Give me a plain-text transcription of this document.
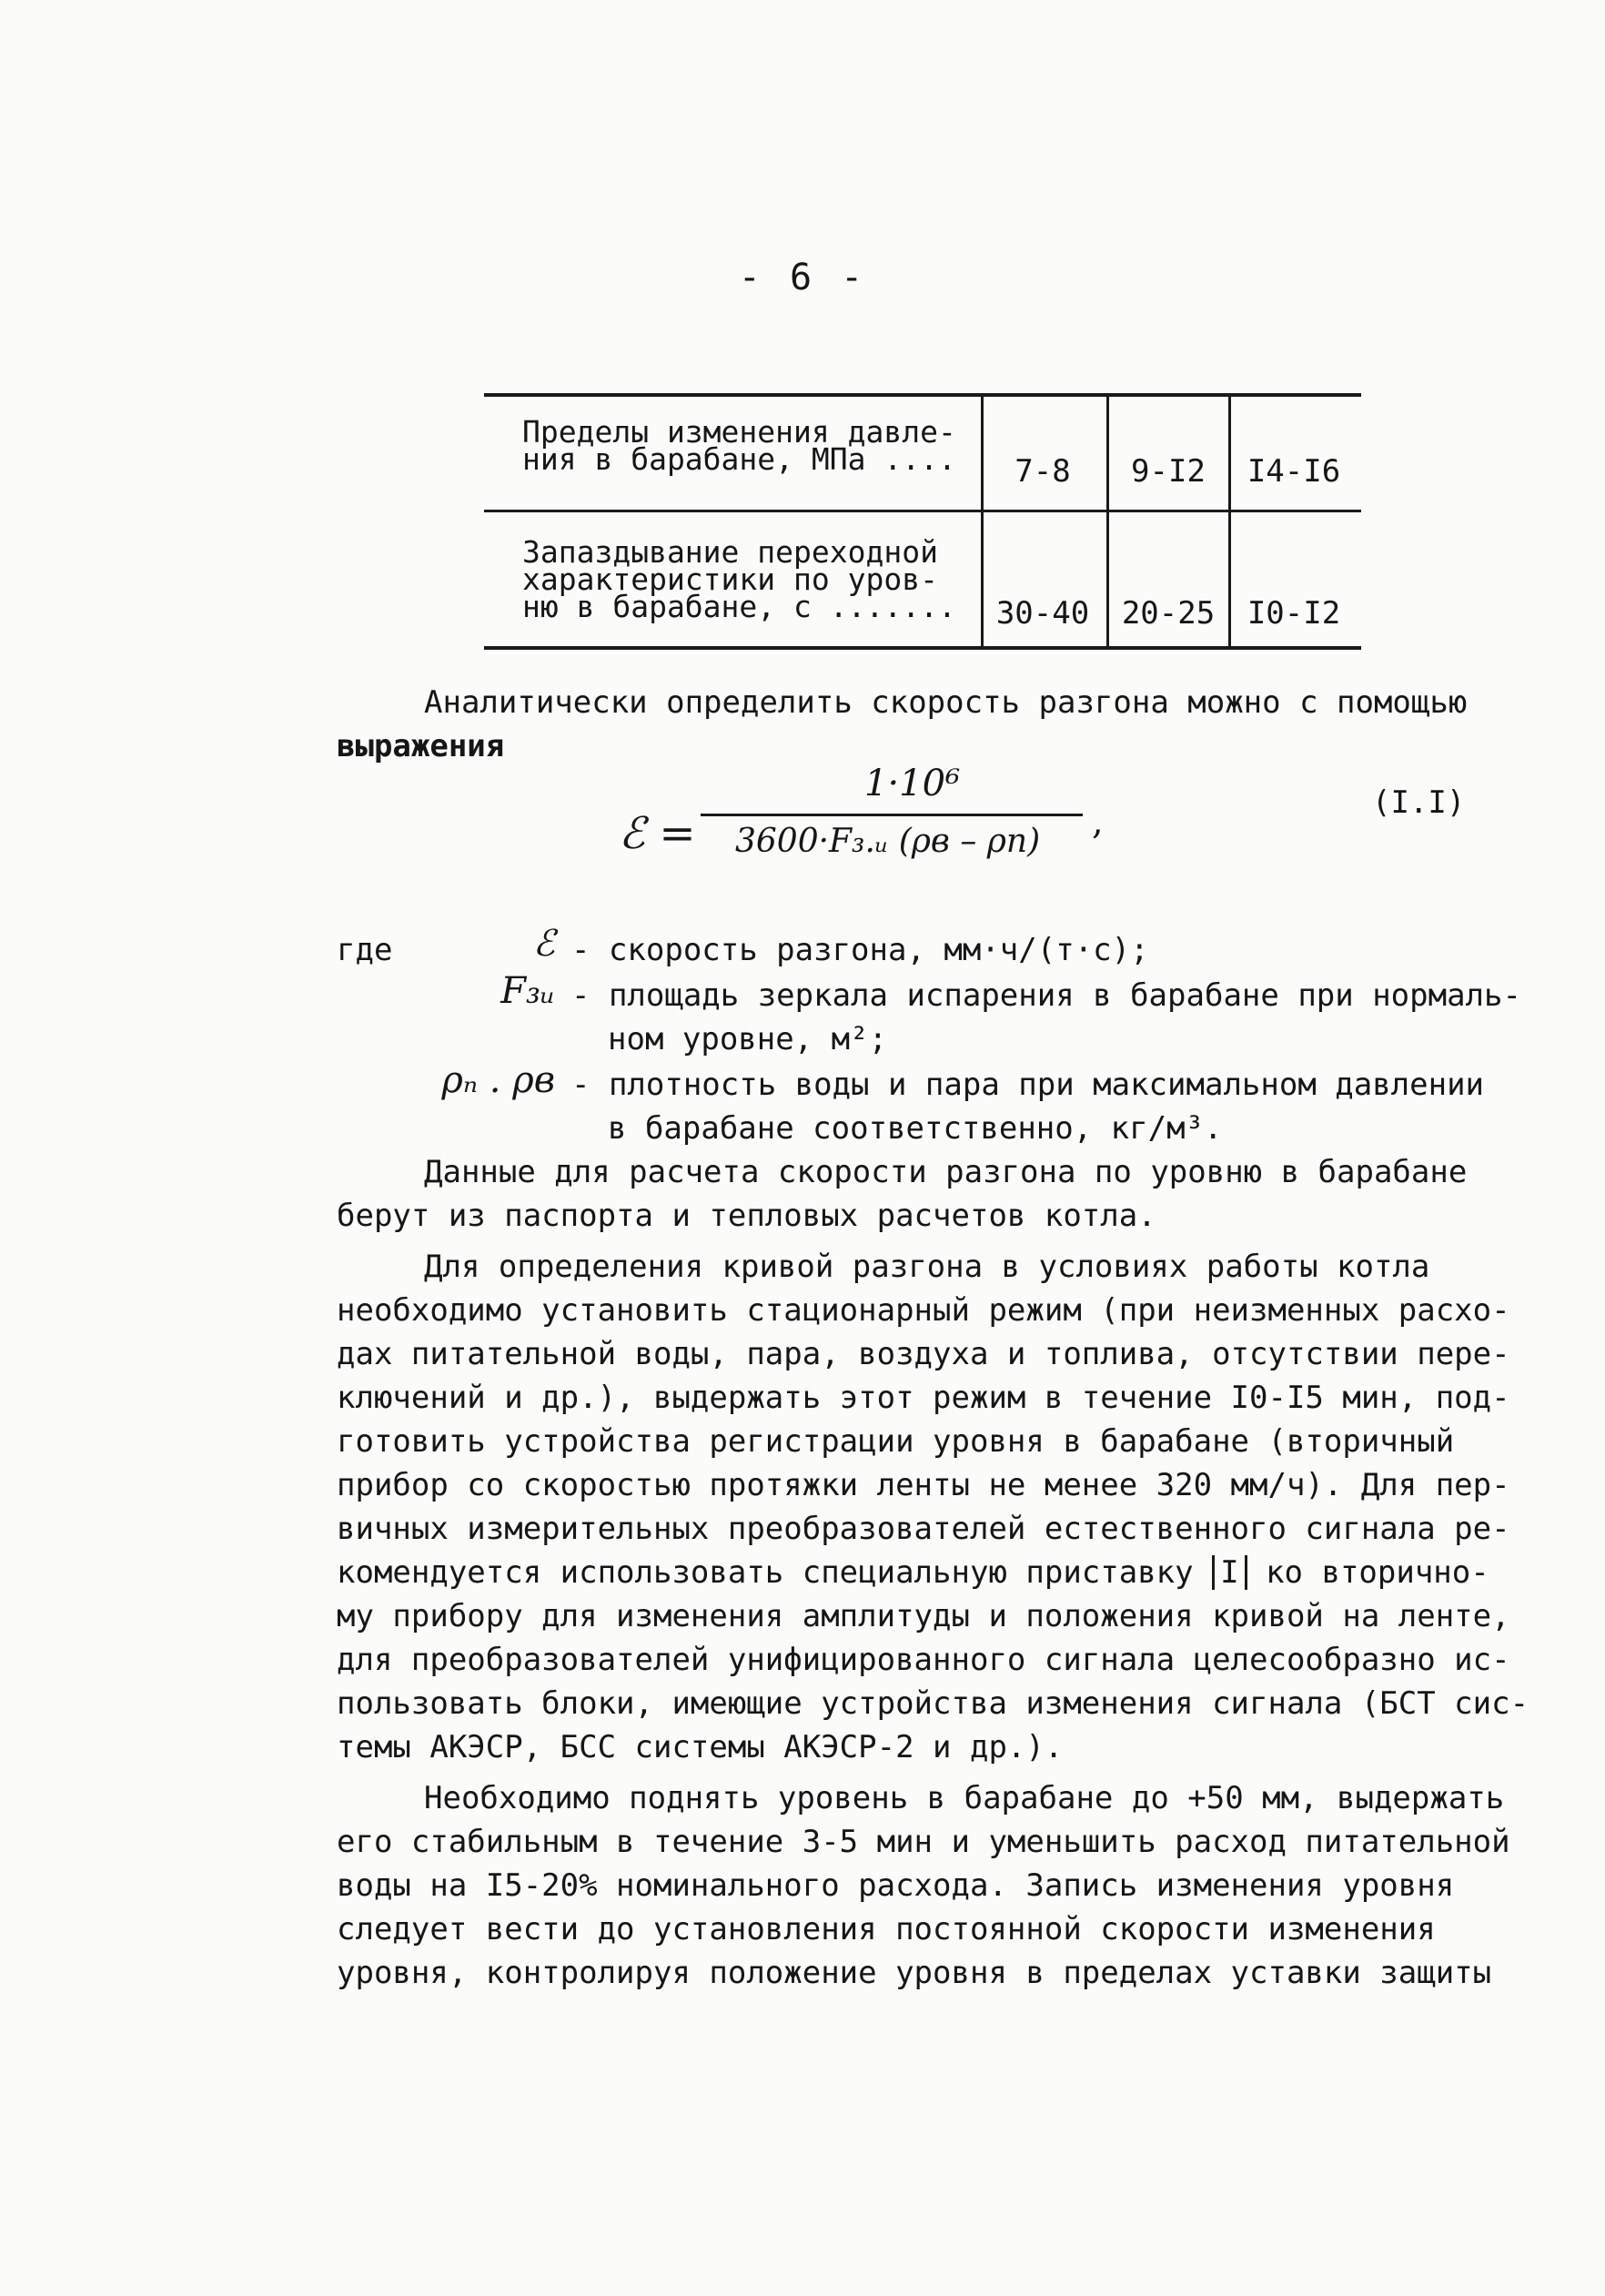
- 6 -
Пределы изменения давле-
ния в барабане, МПа ....	7-8	9-I2	I4-I6
Запаздывание переходной
характеристики по уров-
ню в барабане, с .......	30-40	20-25	I0-I2
Аналитически определить скорость разгона можно с помощью
выражения
ℰ =
1·10⁶
3600·F₃.ᵤ (ρв – ρп) ,	(I.I)
где	ℰ - скорость разгона, мм·ч/(т·с);
F₃ᵤ - площадь зеркала испарения в барабане при нормаль-
ном уровне, м²;
ρₙ . ρв - плотность воды и пара при максимальном давлении
в барабане соответственно, кг/м³.
Данные для расчета скорости разгона по уровню в барабане
берут из паспорта и тепловых расчетов котла.
Для определения кривой разгона в условиях работы котла
необходимо установить стационарный режим (при неизменных расхо-
дах питательной воды, пара, воздуха и топлива, отсутствии пере-
ключений и др.), выдержать этот режим в течение I0-I5 мин, под-
готовить устройства регистрации уровня в барабане (вторичный
прибор со скоростью протяжки ленты не менее 320 мм/ч). Для пер-
вичных измерительных преобразователей естественного сигнала ре-
комендуется использовать специальную приставку I ко вторично-
му прибору для изменения амплитуды и положения кривой на ленте,
для преобразователей унифицированного сигнала целесообразно ис-
пользовать блоки, имеющие устройства изменения сигнала (БСТ сис-
темы АКЭСР, БСС системы АКЭСР-2 и др.).
Необходимо поднять уровень в барабане до +50 мм, выдержать
его стабильным в течение 3-5 мин и уменьшить расход питательной
воды на I5-20% номинального расхода. Запись изменения уровня
следует вести до установления постоянной скорости изменения
уровня, контролируя положение уровня в пределах уставки защиты
